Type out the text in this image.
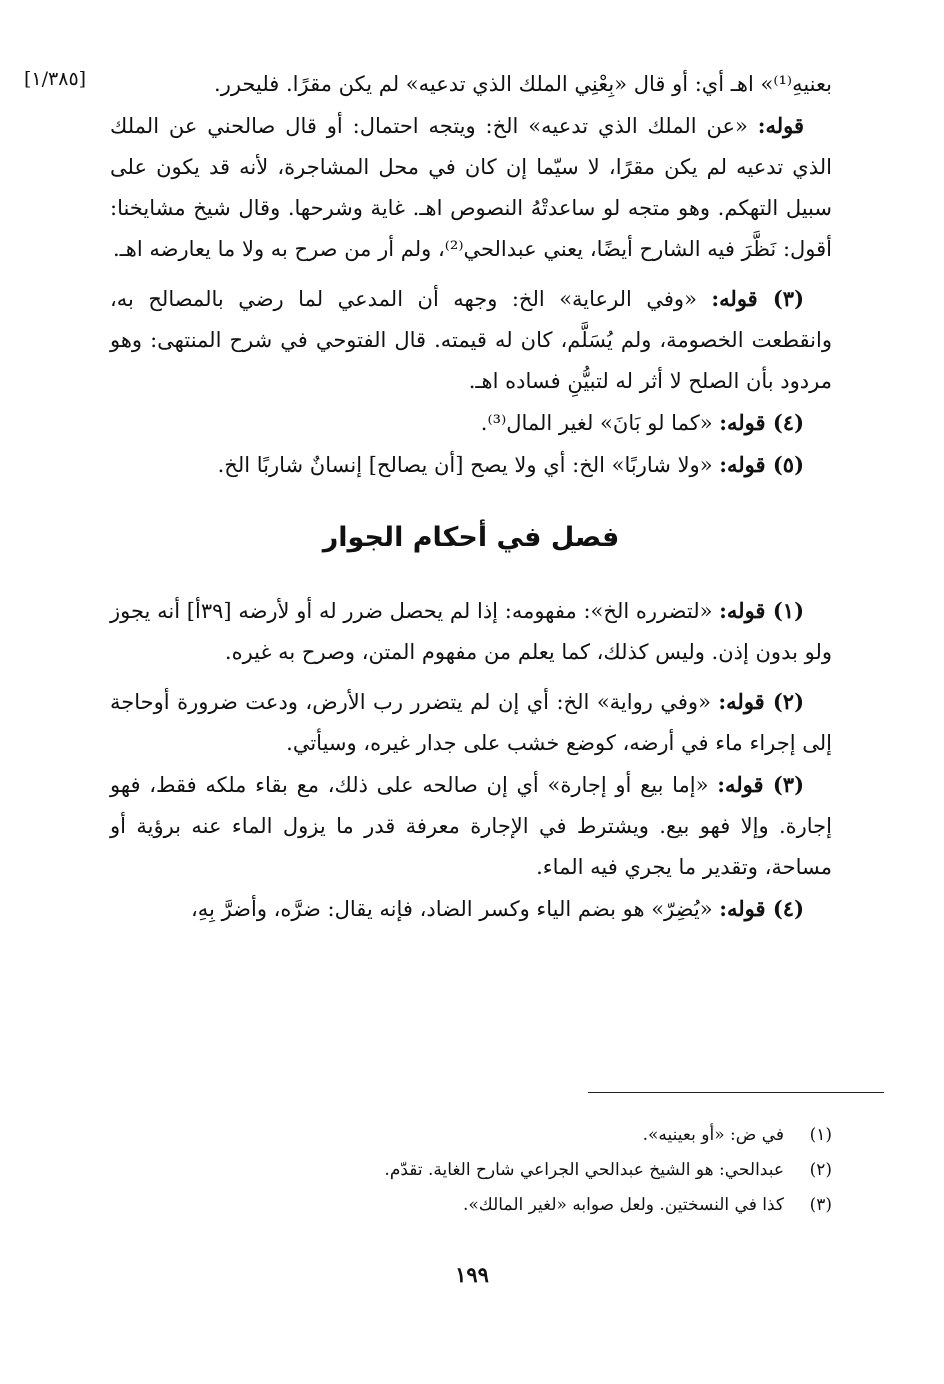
[١/٣٨٥]	بعنيهِ⁽¹⁾» اهـ أي: أو قال «بِعْنِي الملك الذي تدعيه» لم يكن مقرًا. فليحرر.

قوله: «عن الملك الذي تدعيه» الخ: ويتجه احتمال: أو قال صالحني عن الملك الذي تدعيه لم يكن مقرًا، لا سيّما إن كان في محل المشاجرة، لأنه قد يكون على سبيل التهكم. وهو متجه لو ساعدتْهُ النصوص اهـ. غاية وشرحها. وقال شيخ مشايخنا: أقول: نَظَّرَ فيه الشارح أيضًا، يعني عبدالحي⁽²⁾، ولم أر من صرح به ولا ما يعارضه اهـ.

(٣) قوله: «وفي الرعاية» الخ: وجهه أن المدعي لما رضي بالمصالح به، وانقطعت الخصومة، ولم يُسَلَّم، كان له قيمته. قال الفتوحي في شرح المنتهى: وهو مردود بأن الصلح لا أثر له لتبيُّنِ فساده اهـ.

(٤) قوله: «كما لو بَانَ» لغير المال⁽³⁾.

(٥) قوله: «ولا شاربًا» الخ: أي ولا يصح [أن يصالح] إنسانٌ شاربًا الخ.

فصل في أحكام الجوار

(١) قوله: «لتضرره الخ»: مفهومه: إذا لم يحصل ضرر له أو لأرضه [٣٩أ] أنه يجوز ولو بدون إذن. وليس كذلك، كما يعلم من مفهوم المتن، وصرح به غيره.

(٢) قوله: «وفي رواية» الخ: أي إن لم يتضرر رب الأرض، ودعت ضرورة أوحاجة إلى إجراء ماء في أرضه، كوضع خشب على جدار غيره، وسيأتي.

(٣) قوله: «إما بيع أو إجارة» أي إن صالحه على ذلك، مع بقاء ملكه فقط، فهو إجارة. وإلا فهو بيع. ويشترط في الإجارة معرفة قدر ما يزول الماء عنه برؤية أو مساحة، وتقدير ما يجري فيه الماء.

(٤) قوله: «يُضِرّ» هو بضم الياء وكسر الضاد، فإنه يقال: ضرَّه، وأضرَّ بِهِ،

(١)
في ض: «أو بعينيه».
(٢)
عبدالحي: هو الشيخ عبدالحي الجراعي شارح الغاية. تقدّم.
(٣)
كذا في النسختين. ولعل صوابه «لغير المالك».
١٩٩
